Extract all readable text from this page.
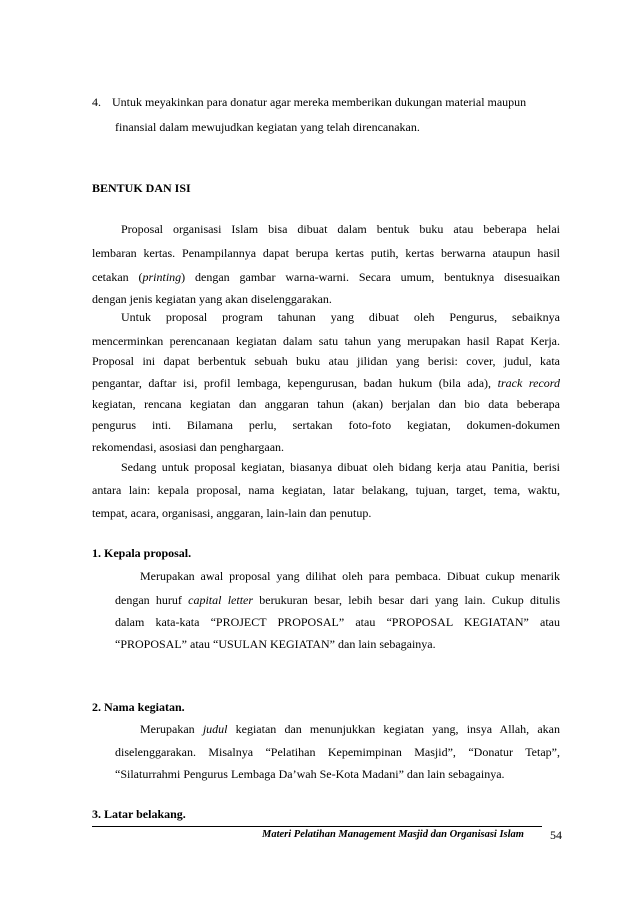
4. Untuk meyakinkan para donatur agar mereka memberikan dukungan material maupun
finansial dalam mewujudkan kegiatan yang telah direncanakan.
BENTUK DAN ISI
Proposal organisasi Islam bisa dibuat dalam bentuk buku atau beberapa helai
lembaran kertas. Penampilannya dapat berupa kertas putih, kertas berwarna ataupun hasil
cetakan (printing) dengan gambar warna-warni. Secara umum, bentuknya disesuaikan
dengan jenis kegiatan yang akan diselenggarakan.
Untuk proposal program tahunan yang dibuat oleh Pengurus, sebaiknya
mencerminkan perencanaan kegiatan dalam satu tahun yang merupakan hasil Rapat Kerja.
Proposal ini dapat berbentuk sebuah buku atau jilidan yang berisi: cover, judul, kata
pengantar, daftar isi, profil lembaga, kepengurusan, badan hukum (bila ada), track record
kegiatan, rencana kegiatan dan anggaran tahun (akan) berjalan dan bio data beberapa
pengurus inti. Bilamana perlu, sertakan foto-foto kegiatan, dokumen-dokumen
rekomendasi, asosiasi dan penghargaan.
Sedang untuk proposal kegiatan, biasanya dibuat oleh bidang kerja atau Panitia, berisi
antara lain: kepala proposal, nama kegiatan, latar belakang, tujuan, target, tema, waktu,
tempat, acara, organisasi, anggaran, lain-lain dan penutup.
1. Kepala proposal.
Merupakan awal proposal yang dilihat oleh para pembaca. Dibuat cukup menarik
dengan huruf capital letter berukuran besar, lebih besar dari yang lain. Cukup ditulis
dalam kata-kata “PROJECT PROPOSAL” atau “PROPOSAL KEGIATAN” atau
“PROPOSAL” atau “USULAN KEGIATAN” dan lain sebagainya.
2. Nama kegiatan.
Merupakan judul kegiatan dan menunjukkan kegiatan yang, insya Allah, akan
diselenggarakan. Misalnya “Pelatihan Kepemimpinan Masjid”, “Donatur Tetap”,
“Silaturrahmi Pengurus Lembaga Da’wah Se-Kota Madani” dan lain sebagainya.
3. Latar belakang.
Materi Pelatihan Management Masjid dan Organisasi Islam 54
